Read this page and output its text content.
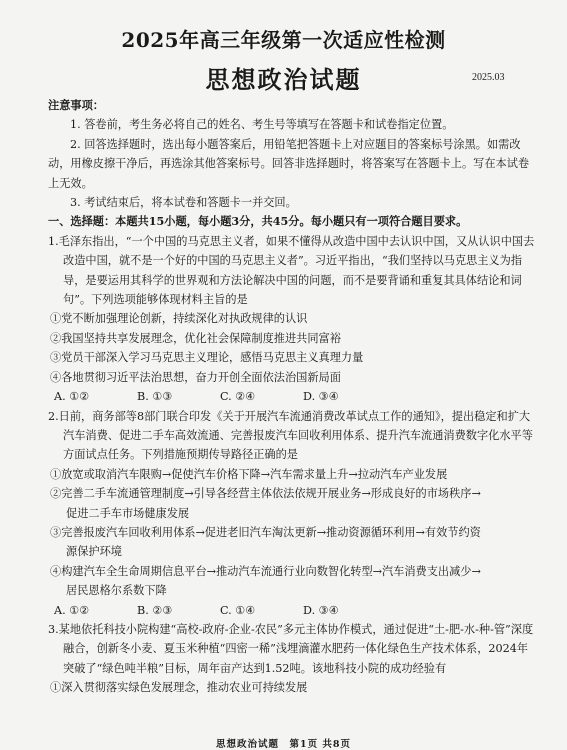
2025年高三年级第一次适应性检测
思想政治试题	2025.03

注意事项：

1. 答卷前，考生务必将自己的姓名、考生号等填写在答题卡和试卷指定位置。

2. 回答选择题时，选出每小题答案后，用铅笔把答题卡上对应题目的答案标号涂黑。如需改动，用橡皮擦干净后，再选涂其他答案标号。回答非选择题时，将答案写在答题卡上。写在本试卷上无效。

3. 考试结束后，将本试卷和答题卡一并交回。

一、选择题：本题共15小题，每小题3分，共45分。每小题只有一项符合题目要求。

1.毛泽东指出，“一个中国的马克思主义者，如果不懂得从改造中国中去认识中国，又从认识中国去改造中国，就不是一个好的中国的马克思主义者”。习近平指出，“我们坚持以马克思主义为指导，是要运用其科学的世界观和方法论解决中国的问题，而不是要背诵和重复其具体结论和词句”。下列选项能够体现材料主旨的是

①党不断加强理论创新，持续深化对执政规律的认识

②我国坚持共享发展理念，优化社会保障制度推进共同富裕

③党员干部深入学习马克思主义理论，感悟马克思主义真理力量

④各地贯彻习近平法治思想，奋力开创全面依法治国新局面

A. ①②	B. ①③	C. ②④	D. ③④

2.日前，商务部等8部门联合印发《关于开展汽车流通消费改革试点工作的通知》，提出稳定和扩大汽车消费、促进二手车高效流通、完善报废汽车回收利用体系、提升汽车流通消费数字化水平等方面试点任务。下列措施预期传导路径正确的是

①放宽或取消汽车限购→促使汽车价格下降→汽车需求量上升→拉动汽车产业发展

②完善二手车流通管理制度→引导各经营主体依法依规开展业务→形成良好的市场秩序→

促进二手车市场健康发展

③完善报废汽车回收利用体系→促进老旧汽车淘汰更新→推动资源循环利用→有效节约资

源保护环境

④构建汽车全生命周期信息平台→推动汽车流通行业向数智化转型→汽车消费支出减少→

居民恩格尔系数下降

A. ①②	B. ②③	C. ①④	D. ③④

3.某地依托科技小院构建“高校-政府-企业-农民”多元主体协作模式，通过促进“土-肥-水-种-管”深度融合，创新冬小麦、夏玉米种植“四密一稀”浅埋滴灌水肥药一体化绿色生产技术体系，2024年突破了“绿色吨半粮”目标，周年亩产达到1.52吨。该地科技小院的成功经验有

①深入贯彻落实绿色发展理念，推动农业可持续发展

思想政治试题　第1页 共8页
